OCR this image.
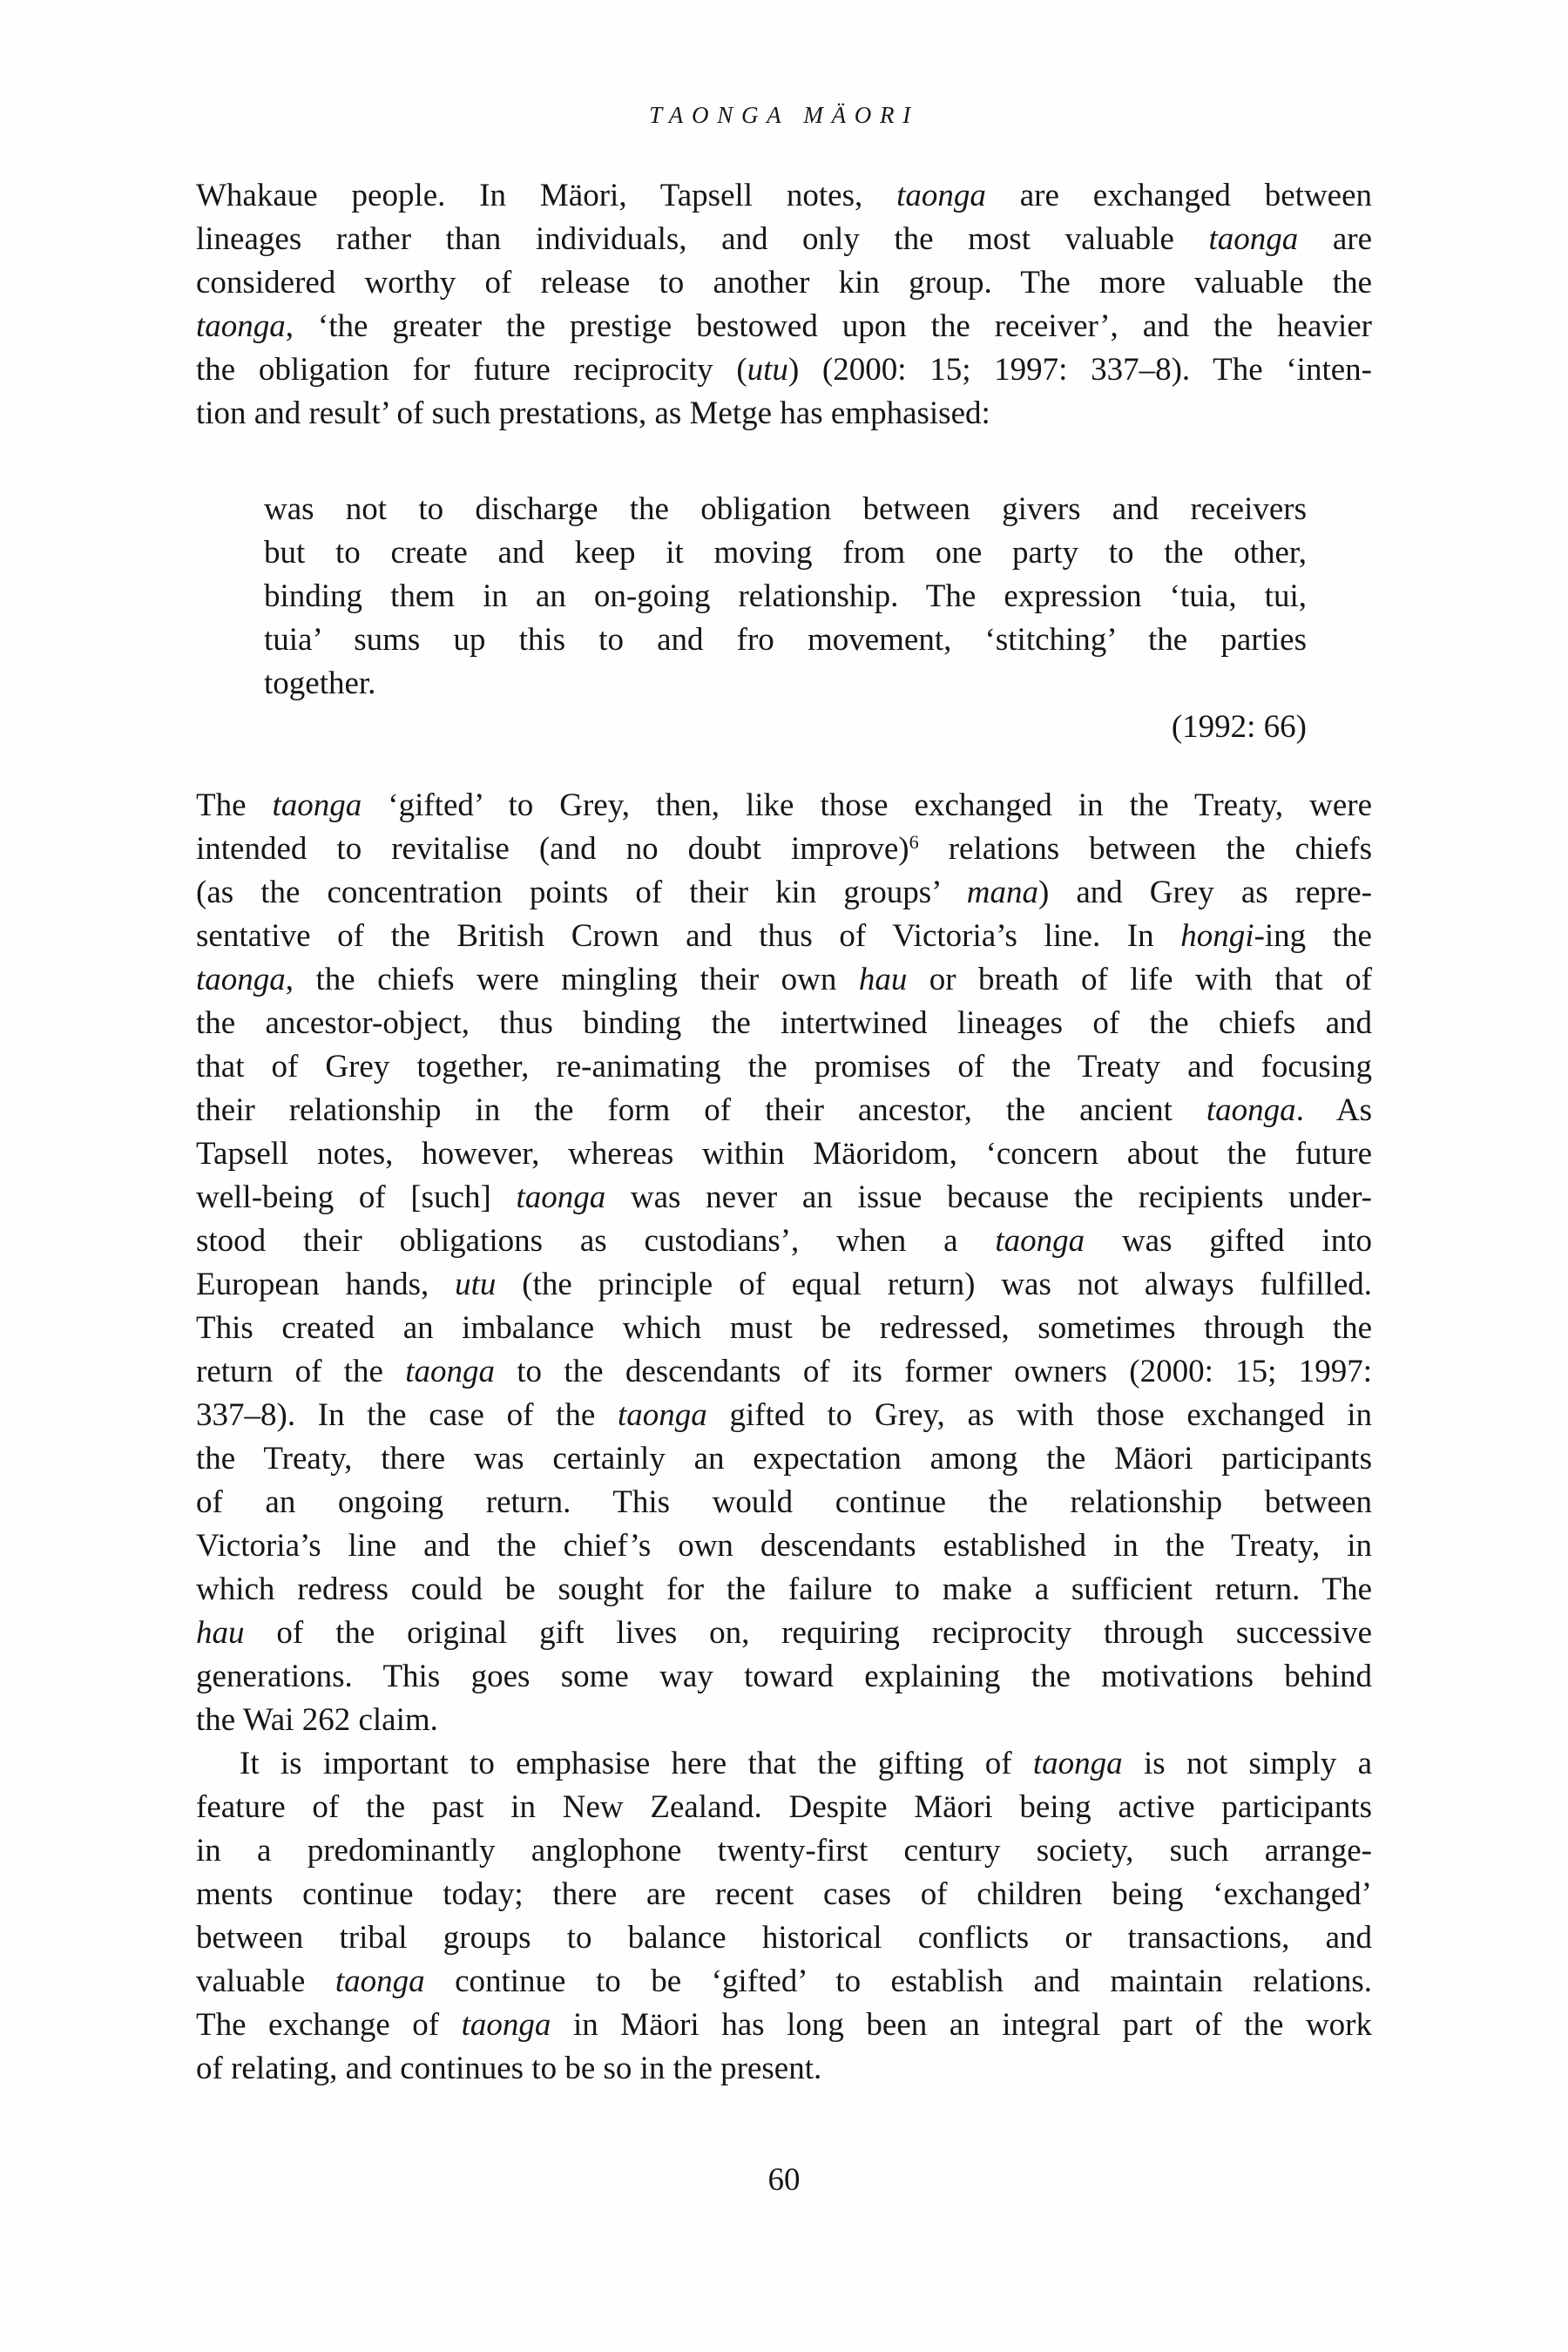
TAONGA MÄORI
Whakaue people. In Mäori, Tapsell notes, taonga are exchanged between
lineages rather than individuals, and only the most valuable taonga are
considered worthy of release to another kin group. The more valuable the
taonga, ‘the greater the prestige bestowed upon the receiver’, and the heavier
the obligation for future reciprocity (utu) (2000: 15; 1997: 337–8). The ‘inten-
tion and result’ of such prestations, as Metge has emphasised:
was not to discharge the obligation between givers and receivers
but to create and keep it moving from one party to the other,
binding them in an on-going relationship. The expression ‘tuia, tui,
tuia’ sums up this to and fro movement, ‘stitching’ the parties
together.
(1992: 66)
The taonga ‘gifted’ to Grey, then, like those exchanged in the Treaty, were
intended to revitalise (and no doubt improve)$^6$ relations between the chiefs
(as the concentration points of their kin groups’ mana) and Grey as repre-
sentative of the British Crown and thus of Victoria’s line. In hongi-ing the
taonga, the chiefs were mingling their own hau or breath of life with that of
the ancestor-object, thus binding the intertwined lineages of the chiefs and
that of Grey together, re-animating the promises of the Treaty and focusing
their relationship in the form of their ancestor, the ancient taonga. As
Tapsell notes, however, whereas within Mäoridom, ‘concern about the future
well-being of [such] taonga was never an issue because the recipients under-
stood their obligations as custodians’, when a taonga was gifted into
European hands, utu (the principle of equal return) was not always fulfilled.
This created an imbalance which must be redressed, sometimes through the
return of the taonga to the descendants of its former owners (2000: 15; 1997:
337–8). In the case of the taonga gifted to Grey, as with those exchanged in
the Treaty, there was certainly an expectation among the Mäori participants
of an ongoing return. This would continue the relationship between
Victoria’s line and the chief’s own descendants established in the Treaty, in
which redress could be sought for the failure to make a sufficient return. The
hau of the original gift lives on, requiring reciprocity through successive
generations. This goes some way toward explaining the motivations behind
the Wai 262 claim.
It is important to emphasise here that the gifting of taonga is not simply a
feature of the past in New Zealand. Despite Mäori being active participants
in a predominantly anglophone twenty-first century society, such arrange-
ments continue today; there are recent cases of children being ‘exchanged’
between tribal groups to balance historical conflicts or transactions, and
valuable taonga continue to be ‘gifted’ to establish and maintain relations.
The exchange of taonga in Mäori has long been an integral part of the work
of relating, and continues to be so in the present.
60
